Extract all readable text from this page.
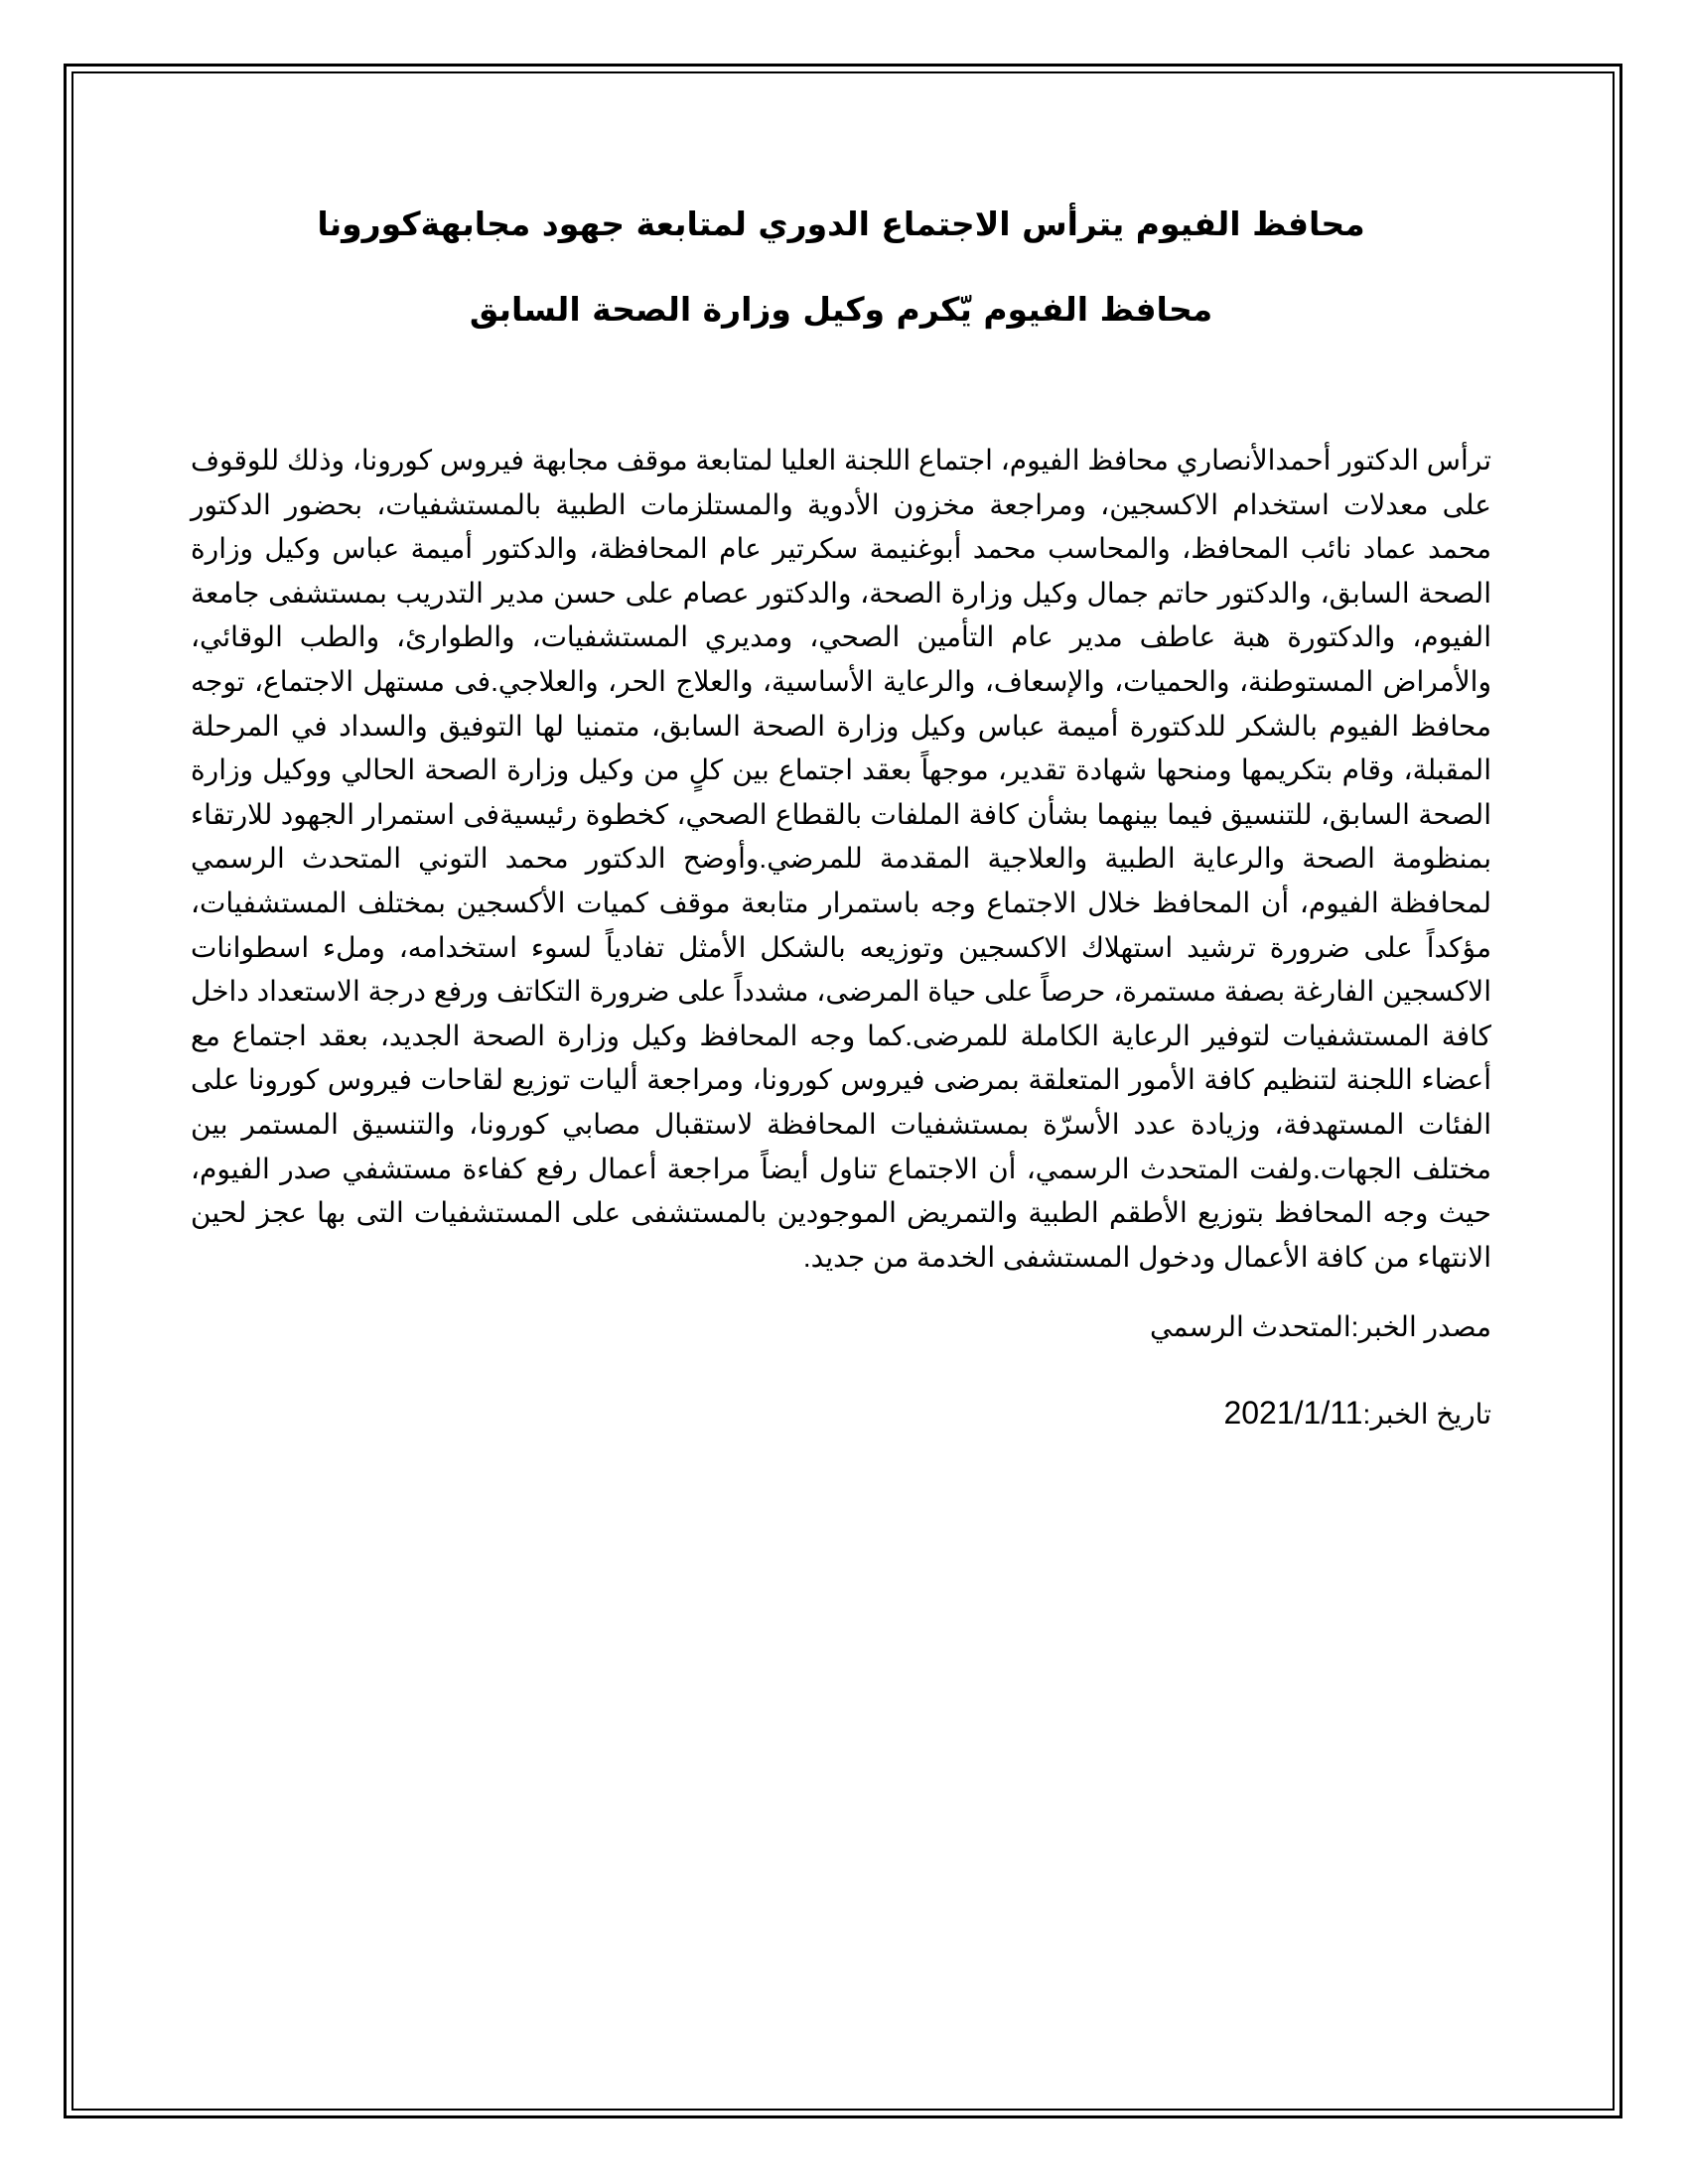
محافظ الفيوم يترأس الاجتماع الدوري لمتابعة جهود مجابهةكورونا
محافظ الفيوم يّكرم وكيل وزارة الصحة السابق

ترأس الدكتور أحمدالأنصاري محافظ الفيوم، اجتماع اللجنة العليا لمتابعة موقف مجابهة فيروس كورونا، وذلك للوقوف على معدلات استخدام الاكسجين، ومراجعة مخزون الأدوية والمستلزمات الطبية بالمستشفيات، بحضور الدكتور محمد عماد نائب المحافظ، والمحاسب محمد أبوغنيمة سكرتير عام المحافظة، والدكتور أميمة عباس وكيل وزارة الصحة السابق، والدكتور حاتم جمال وكيل وزارة الصحة، والدكتور عصام على حسن مدير التدريب بمستشفى جامعة الفيوم، والدكتورة هبة عاطف مدير عام التأمين الصحي، ومديري المستشفيات، والطوارئ، والطب الوقائي، والأمراض المستوطنة، والحميات، والإسعاف، والرعاية الأساسية، والعلاج الحر، والعلاجي.فى مستهل الاجتماع، توجه محافظ الفيوم بالشكر للدكتورة أميمة عباس وكيل وزارة الصحة السابق، متمنيا لها التوفيق والسداد في المرحلة المقبلة، وقام بتكريمها ومنحها شهادة تقدير، موجهاً بعقد اجتماع بين كلٍ من وكيل وزارة الصحة الحالي ووكيل وزارة الصحة السابق، للتنسيق فيما بينهما بشأن كافة الملفات بالقطاع الصحي، كخطوة رئيسيةفى استمرار الجهود للارتقاء بمنظومة الصحة والرعاية الطبية والعلاجية المقدمة للمرضي.وأوضح الدكتور محمد التوني المتحدث الرسمي لمحافظة الفيوم، أن المحافظ خلال الاجتماع وجه باستمرار متابعة موقف كميات الأكسجين بمختلف المستشفيات، مؤكداً على ضرورة ترشيد استهلاك الاكسجين وتوزيعه بالشكل الأمثل تفادياً لسوء استخدامه، وملء اسطوانات الاكسجين الفارغة بصفة مستمرة، حرصاً على حياة المرضى، مشدداً على ضرورة التكاتف ورفع درجة الاستعداد داخل كافة المستشفيات لتوفير الرعاية الكاملة للمرضى.كما وجه المحافظ وكيل وزارة الصحة الجديد، بعقد اجتماع مع أعضاء اللجنة لتنظيم كافة الأمور المتعلقة بمرضى فيروس كورونا، ومراجعة أليات توزيع لقاحات فيروس كورونا على الفئات المستهدفة، وزيادة عدد الأسرّة بمستشفيات المحافظة لاستقبال مصابي كورونا، والتنسيق المستمر بين مختلف الجهات.ولفت المتحدث الرسمي، أن الاجتماع تناول أيضاً مراجعة أعمال رفع كفاءة مستشفي صدر الفيوم، حيث وجه المحافظ بتوزيع الأطقم الطبية والتمريض الموجودين بالمستشفى على المستشفيات التى بها عجز لحين الانتهاء من كافة الأعمال ودخول المستشفى الخدمة من جديد.

مصدر الخبر:المتحدث الرسمي

تاريخ الخبر:2021/1/11
